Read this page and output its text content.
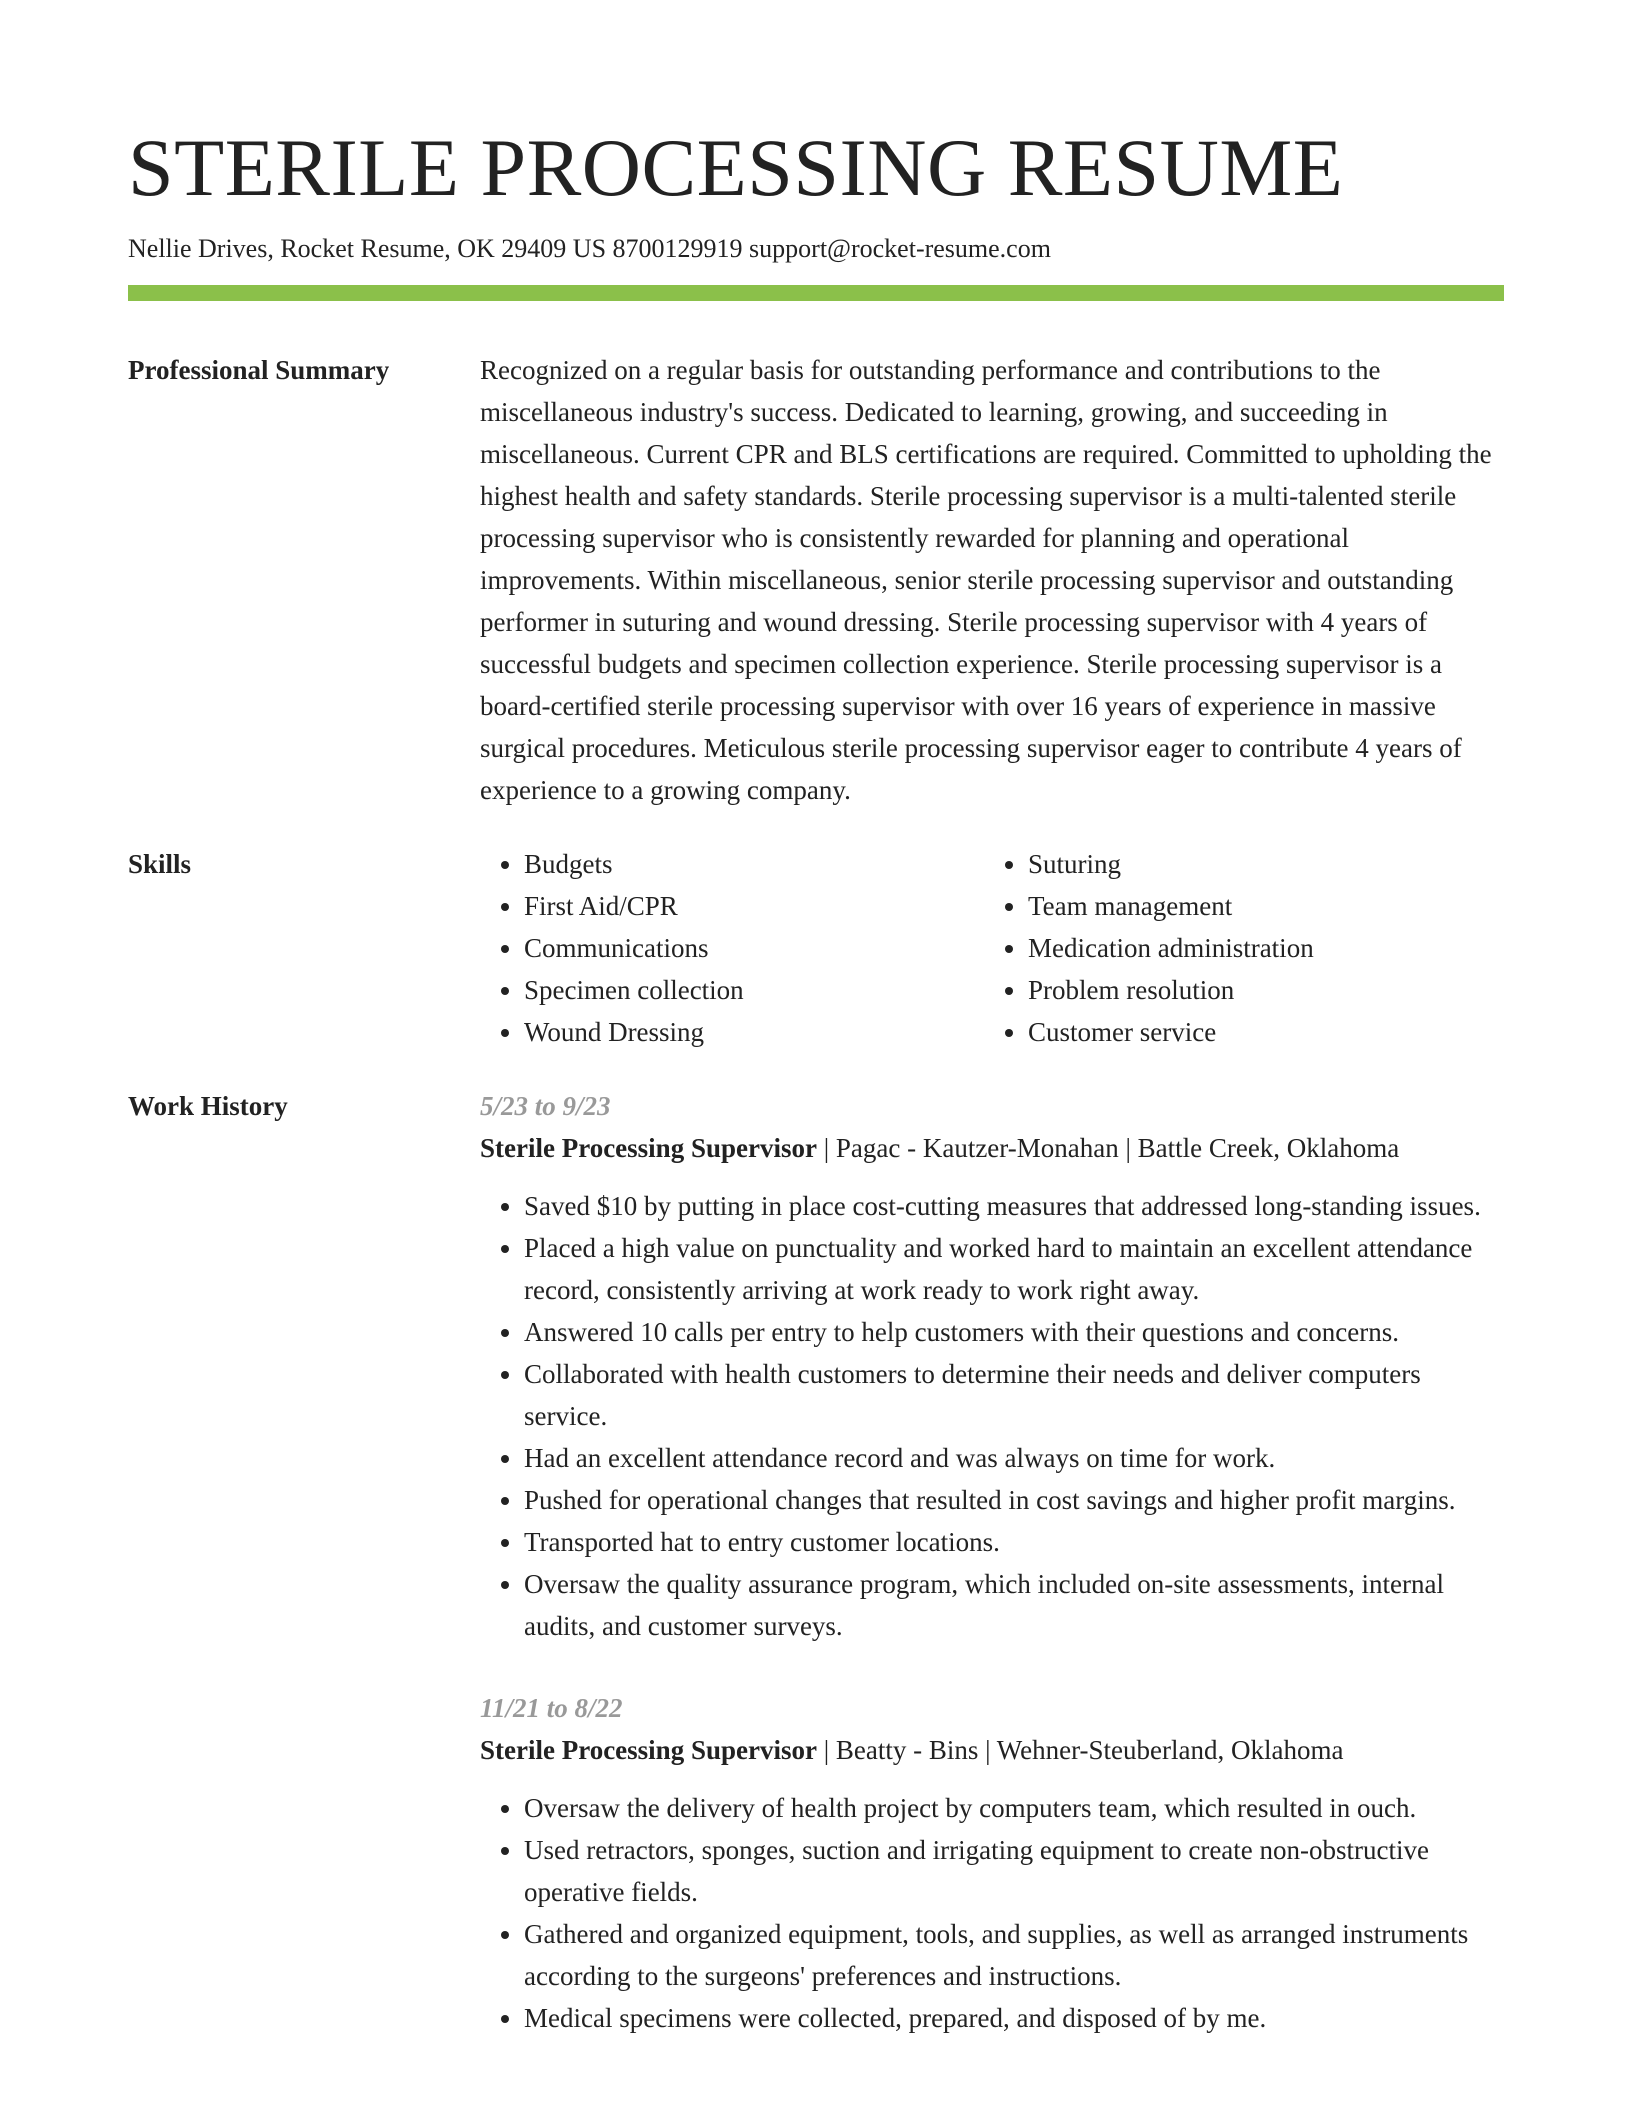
STERILE PROCESSING RESUME
Nellie Drives, Rocket Resume, OK 29409 US 8700129919 support@rocket-resume.com
Professional Summary	Recognized on a regular basis for outstanding performance and contributions to the miscellaneous industry's success. Dedicated to learning, growing, and succeeding in miscellaneous. Current CPR and BLS certifications are required. Committed to upholding the highest health and safety standards. Sterile processing supervisor is a multi-talented sterile processing supervisor who is consistently rewarded for planning and operational improvements. Within miscellaneous, senior sterile processing supervisor and outstanding performer in suturing and wound dressing. Sterile processing supervisor with 4 years of successful budgets and specimen collection experience. Sterile processing supervisor is a board-certified sterile processing supervisor with over 16 years of experience in massive surgical procedures. Meticulous sterile processing supervisor eager to contribute 4 years of experience to a growing company.

Skills
•	Budgets
• First Aid/CPR
• Communications
• Specimen collection
• Wound Dressing
• Suturing
• Team management
• Medication administration
• Problem resolution
• Customer service
Work History	5/23 to 9/23
Sterile Processing Supervisor | Pagac - Kautzer-Monahan | Battle Creek, Oklahoma
• Saved $10 by putting in place cost-cutting measures that addressed long-standing issues.
• Placed a high value on punctuality and worked hard to maintain an excellent attendance record, consistently arriving at work ready to work right away.
• Answered 10 calls per entry to help customers with their questions and concerns.
• Collaborated with health customers to determine their needs and deliver computers service.
• Had an excellent attendance record and was always on time for work.
• Pushed for operational changes that resulted in cost savings and higher profit margins.
• Transported hat to entry customer locations.
• Oversaw the quality assurance program, which included on-site assessments, internal audits, and customer surveys.
11/21 to 8/22
Sterile Processing Supervisor | Beatty - Bins | Wehner-Steuberland, Oklahoma
• Oversaw the delivery of health project by computers team, which resulted in ouch.
• Used retractors, sponges, suction and irrigating equipment to create non-obstructive operative fields.
• Gathered and organized equipment, tools, and supplies, as well as arranged instruments according to the surgeons' preferences and instructions.
• Medical specimens were collected, prepared, and disposed of by me.
